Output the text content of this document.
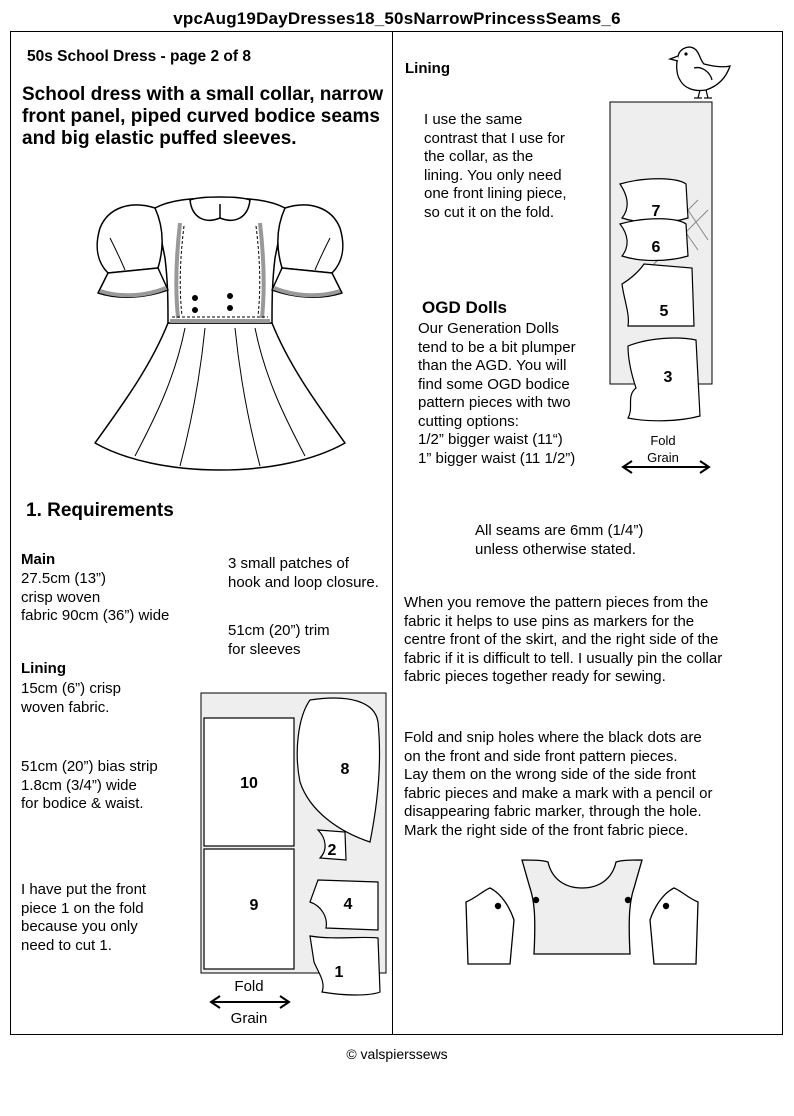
vpcAug19DayDresses18_50sNarrowPrincessSeams_6
50s School Dress - page 2 of 8
School dress with a small collar, narrow front panel, piped curved bodice seams and big elastic puffed sleeves.
1. Requirements
Main
27.5cm (13”)
crisp woven
fabric 90cm (36”) wide
3 small patches of
hook and loop closure.
51cm (20”) trim
for sleeves
Lining
15cm (6”) crisp
woven fabric.
51cm (20”) bias strip
1.8cm (3/4”) wide
for bodice & waist.
I have put the front
piece 1 on the fold
because you only
need to cut 1.
10
8
2
9	4
1
Fold
Grain
Lining
I use the same
contrast that I use for
the collar, as the
lining. You only need
one front lining piece,
so cut it on the fold.	7
6
5
3
Fold
Grain
OGD Dolls
Our Generation Dolls
tend to be a bit plumper
than the AGD. You will
find some OGD bodice
pattern pieces with two
cutting options:
1/2” bigger waist (11“)
1” bigger waist (11 1/2”)
All seams are 6mm (1/4”)
unless otherwise stated.
When you remove the pattern pieces from the
fabric it helps to use pins as markers for the
centre front of the skirt, and the right side of the
fabric if it is difficult to tell. I usually pin the collar
fabric pieces together ready for sewing.
Fold and snip holes where the black dots are
on the front and side front pattern pieces.
Lay them on the wrong side of the side front
fabric pieces and make a mark with a pencil or
disappearing fabric marker, through the hole.
Mark the right side of the front fabric piece.
© valspierssews
